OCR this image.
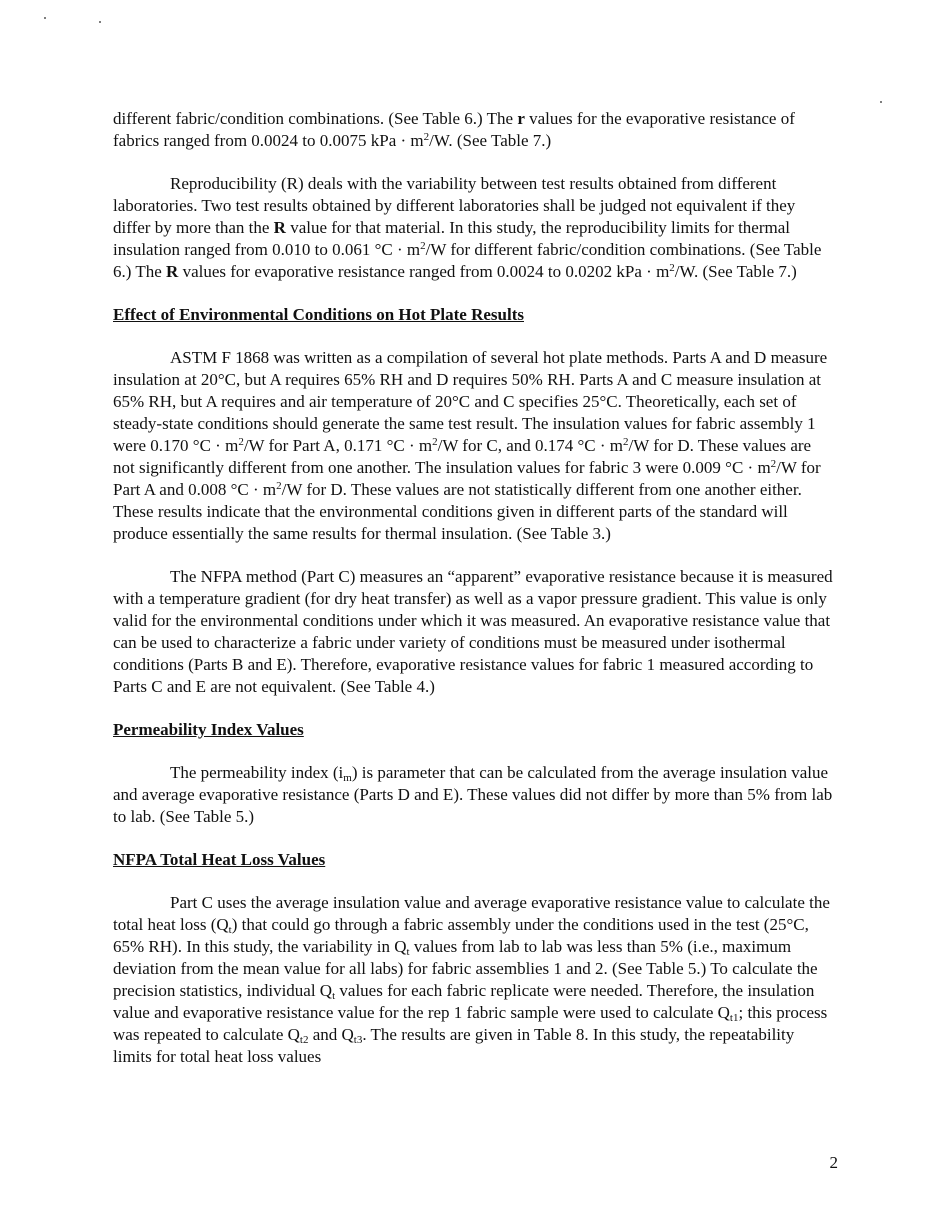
different fabric/condition combinations. (See Table 6.) The r values for the evaporative resistance of fabrics ranged from 0.0024 to 0.0075 kPa · $m^2/W$. (See Table 7.)

Reproducibility (R) deals with the variability between test results obtained from different laboratories. Two test results obtained by different laboratories shall be judged not equivalent if they differ by more than the R value for that material. In this study, the reproducibility limits for thermal insulation ranged from 0.010 to 0.061 $^\circ C \cdot m^2/W$ for different fabric/condition combinations. (See Table 6.) The R values for evaporative resistance ranged from 0.0024 to 0.0202 kPa · $m^2/W$. (See Table 7.)

Effect of Environmental Conditions on Hot Plate Results

ASTM F 1868 was written as a compilation of several hot plate methods. Parts A and D measure insulation at 20°C, but A requires 65% RH and D requires 50% RH. Parts A and C measure insulation at 65% RH, but A requires and air temperature of 20°C and C specifies 25°C. Theoretically, each set of steady-state conditions should generate the same test result. The insulation values for fabric assembly 1 were 0.170 $^\circ C \cdot m^2/W$ for Part A, 0.171 $^\circ C \cdot m^2/W$ for C, and 0.174 $^\circ C \cdot m^2/W$ for D. These values are not significantly different from one another. The insulation values for fabric 3 were 0.009 $^\circ C \cdot m^2/W$ for Part A and 0.008 $^\circ C \cdot m^2/W$ for D. These values are not statistically different from one another either. These results indicate that the environmental conditions given in different parts of the standard will produce essentially the same results for thermal insulation. (See Table 3.)

The NFPA method (Part C) measures an “apparent” evaporative resistance because it is measured with a temperature gradient (for dry heat transfer) as well as a vapor pressure gradient. This value is only valid for the environmental conditions under which it was measured. An evaporative resistance value that can be used to characterize a fabric under variety of conditions must be measured under isothermal conditions (Parts B and E). Therefore, evaporative resistance values for fabric 1 measured according to Parts C and E are not equivalent. (See Table 4.)

Permeability Index Values

The permeability index $(i_m)$ is parameter that can be calculated from the average insulation value and average evaporative resistance (Parts D and E). These values did not differ by more than 5% from lab to lab. (See Table 5.)

NFPA Total Heat Loss Values

Part C uses the average insulation value and average evaporative resistance value to calculate the total heat loss $(Q_t)$ that could go through a fabric assembly under the conditions used in the test (25°C, 65% RH). In this study, the variability in $Q_t$ values from lab to lab was less than 5% (i.e., maximum deviation from the mean value for all labs) for fabric assemblies 1 and 2. (See Table 5.) To calculate the precision statistics, individual $Q_t$ values for each fabric replicate were needed. Therefore, the insulation value and evaporative resistance value for the rep 1 fabric sample were used to calculate $Q_{t1}$; this process was repeated to calculate $Q_{t2}$ and $Q_{t3}$. The results are given in Table 8. In this study, the repeatability limits for total heat loss values

2
